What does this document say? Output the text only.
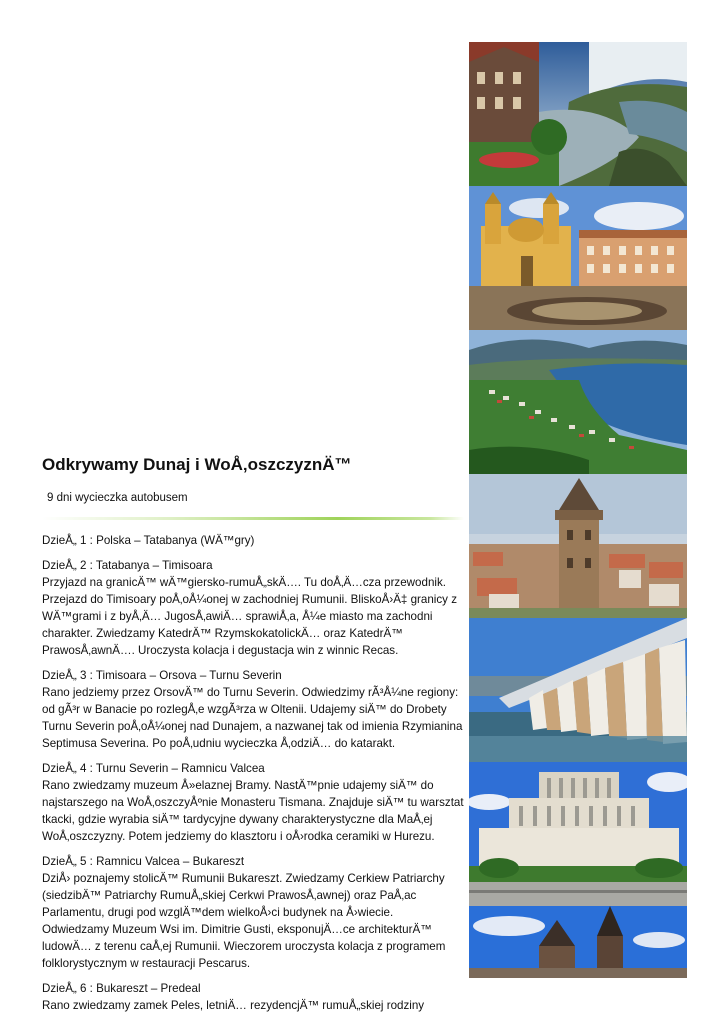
Odkrywamy Dunaj i WoÅ‚oszczyznÄ™
9 dni wycieczka autobusem
DzieÅ„ 1 : Polska – Tatabanya (WÄ™gry)
DzieÅ„ 2 : Tatabanya – Timisoara
Przyjazd na granicÄ™ wÄ™giersko-rumuÅ„skÄ…. Tu doÅ‚Ä…cza przewodnik.
Przejazd do Timisoary poÅ‚oÅ¼onej w zachodniej Rumunii. BliskoÅ›Ä‡ granicy z
WÄ™grami i z byÅ‚Ä… JugosÅ‚awiÄ… sprawiÅ‚a, Å¼e miasto ma zachodni
charakter. Zwiedzamy KatedrÄ™ RzymskokatolickÄ… oraz KatedrÄ™
PrawosÅ‚awnÄ…. Uroczysta kolacja i degustacja win z winnic Recas.
DzieÅ„ 3 : Timisoara – Orsova – Turnu Severin
Rano jedziemy przez OrsovÄ™ do Turnu Severin. Odwiedzimy rÃ³Å¼ne regiony:
od gÃ³r w Banacie po rozlegÅ‚e wzgÃ³rza w Oltenii. Udajemy siÄ™ do Drobety
Turnu Severin poÅ‚oÅ¼onej nad Dunajem, a nazwanej tak od imienia Rzymianina
Septimusa Severina. Po poÅ‚udniu wycieczka Å‚odziÄ… do katarakt.
DzieÅ„ 4 : Turnu Severin – Ramnicu Valcea
Rano zwiedzamy muzeum Å»elaznej Bramy. NastÄ™pnie udajemy siÄ™ do
najstarszego na WoÅ‚oszczyÅºnie Monasteru Tismana. Znajduje siÄ™ tu warsztat
tkacki, gdzie wyrabia siÄ™ tardycyjne dywany charakterystyczne dla MaÅ‚ej
WoÅ‚oszczyzny. Potem jedziemy do klasztoru i oÅ›rodka ceramiki w Hurezu.
DzieÅ„ 5 : Ramnicu Valcea – Bukareszt
DziÅ› poznajemy stolicÄ™ Rumunii Bukareszt. Zwiedzamy Cerkiew Patriarchy
(siedzibÄ™ Patriarchy RumuÅ„skiej Cerkwi PrawosÅ‚awnej) oraz PaÅ‚ac
Parlamentu, drugi pod wzglÄ™dem wielkoÅ›ci budynek na Å›wiecie.
Odwiedzamy Muzeum Wsi im. Dimitrie Gusti, eksponujÄ…ce architekturÄ™
ludowÄ… z terenu caÅ‚ej Rumunii. Wieczorem uroczysta kolacja z programem
folklorystycznym w restauracji Pescarus.
DzieÅ„ 6 : Bukareszt – Predeal
Rano zwiedzamy zamek Peles, letniÄ… rezydencjÄ™ rumuÅ„skiej rodziny
